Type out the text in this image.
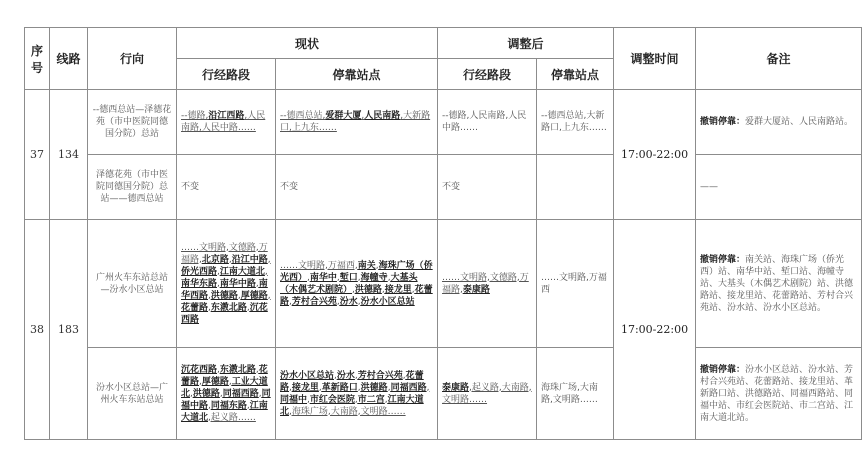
序号	线路	行向	现状		调整后		调整时间	备注
			行经路段	停靠站点	行经路段	停靠站点		
37	134	--德西总站—泽德花苑（市中医院同德国分院）总站	--德路,沿江西路,人民南路,人民中路……	--德西总站,爱群大厦,人民南路,大新路口,上九东……	--德路,人民南路,人民中路……	--德西总站,大新路口,上九东……	17:00-22:00	撤销停靠：爱群大厦站、人民南路站。
		泽德花苑（市中医院同德国分院）总站——德西总站	不变	不变	不变			——
38	183	广州火车东站总站—汾水小区总站	……文明路,文德路,万福路,北京路,沿江中路,侨光西路,江南大道北,南华东路,南华中路,南华西路,洪德路,厚德路,花蕾路,东漖北路,沉花西路	……文明路,万福西,南关,海珠广场（侨光西）,南华中,堑口,海幢寺,大基头（木偶艺术剧院）,洪德路,接龙里,花蕾路,芳村合兴苑,汾水,汾水小区总站	……文明路,文德路,万福路,泰康路	……文明路,万福西	17:00-22:00	撤销停靠：南关站、海珠广场（侨光西）站、南华中站、堑口站、海幢寺站、大基头（木偶艺术剧院）站、洪德路站、接龙里站、花蕾路站、芳村合兴苑站、汾水站、汾水小区总站。
		汾水小区总站—广州火车东站总站	沉花西路,东漖北路,花蕾路,厚德路,工业大道北,洪德路,同福西路,同福中路,同福东路,江南大道北,起义路……	汾水小区总站,汾水,芳村合兴苑,花蕾路,接龙里,革新路口,洪德路,同福西路,同福中,市红会医院,市二宫,江南大道北,海珠广场,大南路,文明路……	泰康路,起义路,大南路,文明路……	海珠广场,大南路,文明路……		撤销停靠：汾水小区总站、汾水站、芳村合兴苑站、花蕾路站、接龙里站、革新路口站、洪德路站、同福西路站、同福中站、市红会医院站、市二宫站、江南大道北站。
